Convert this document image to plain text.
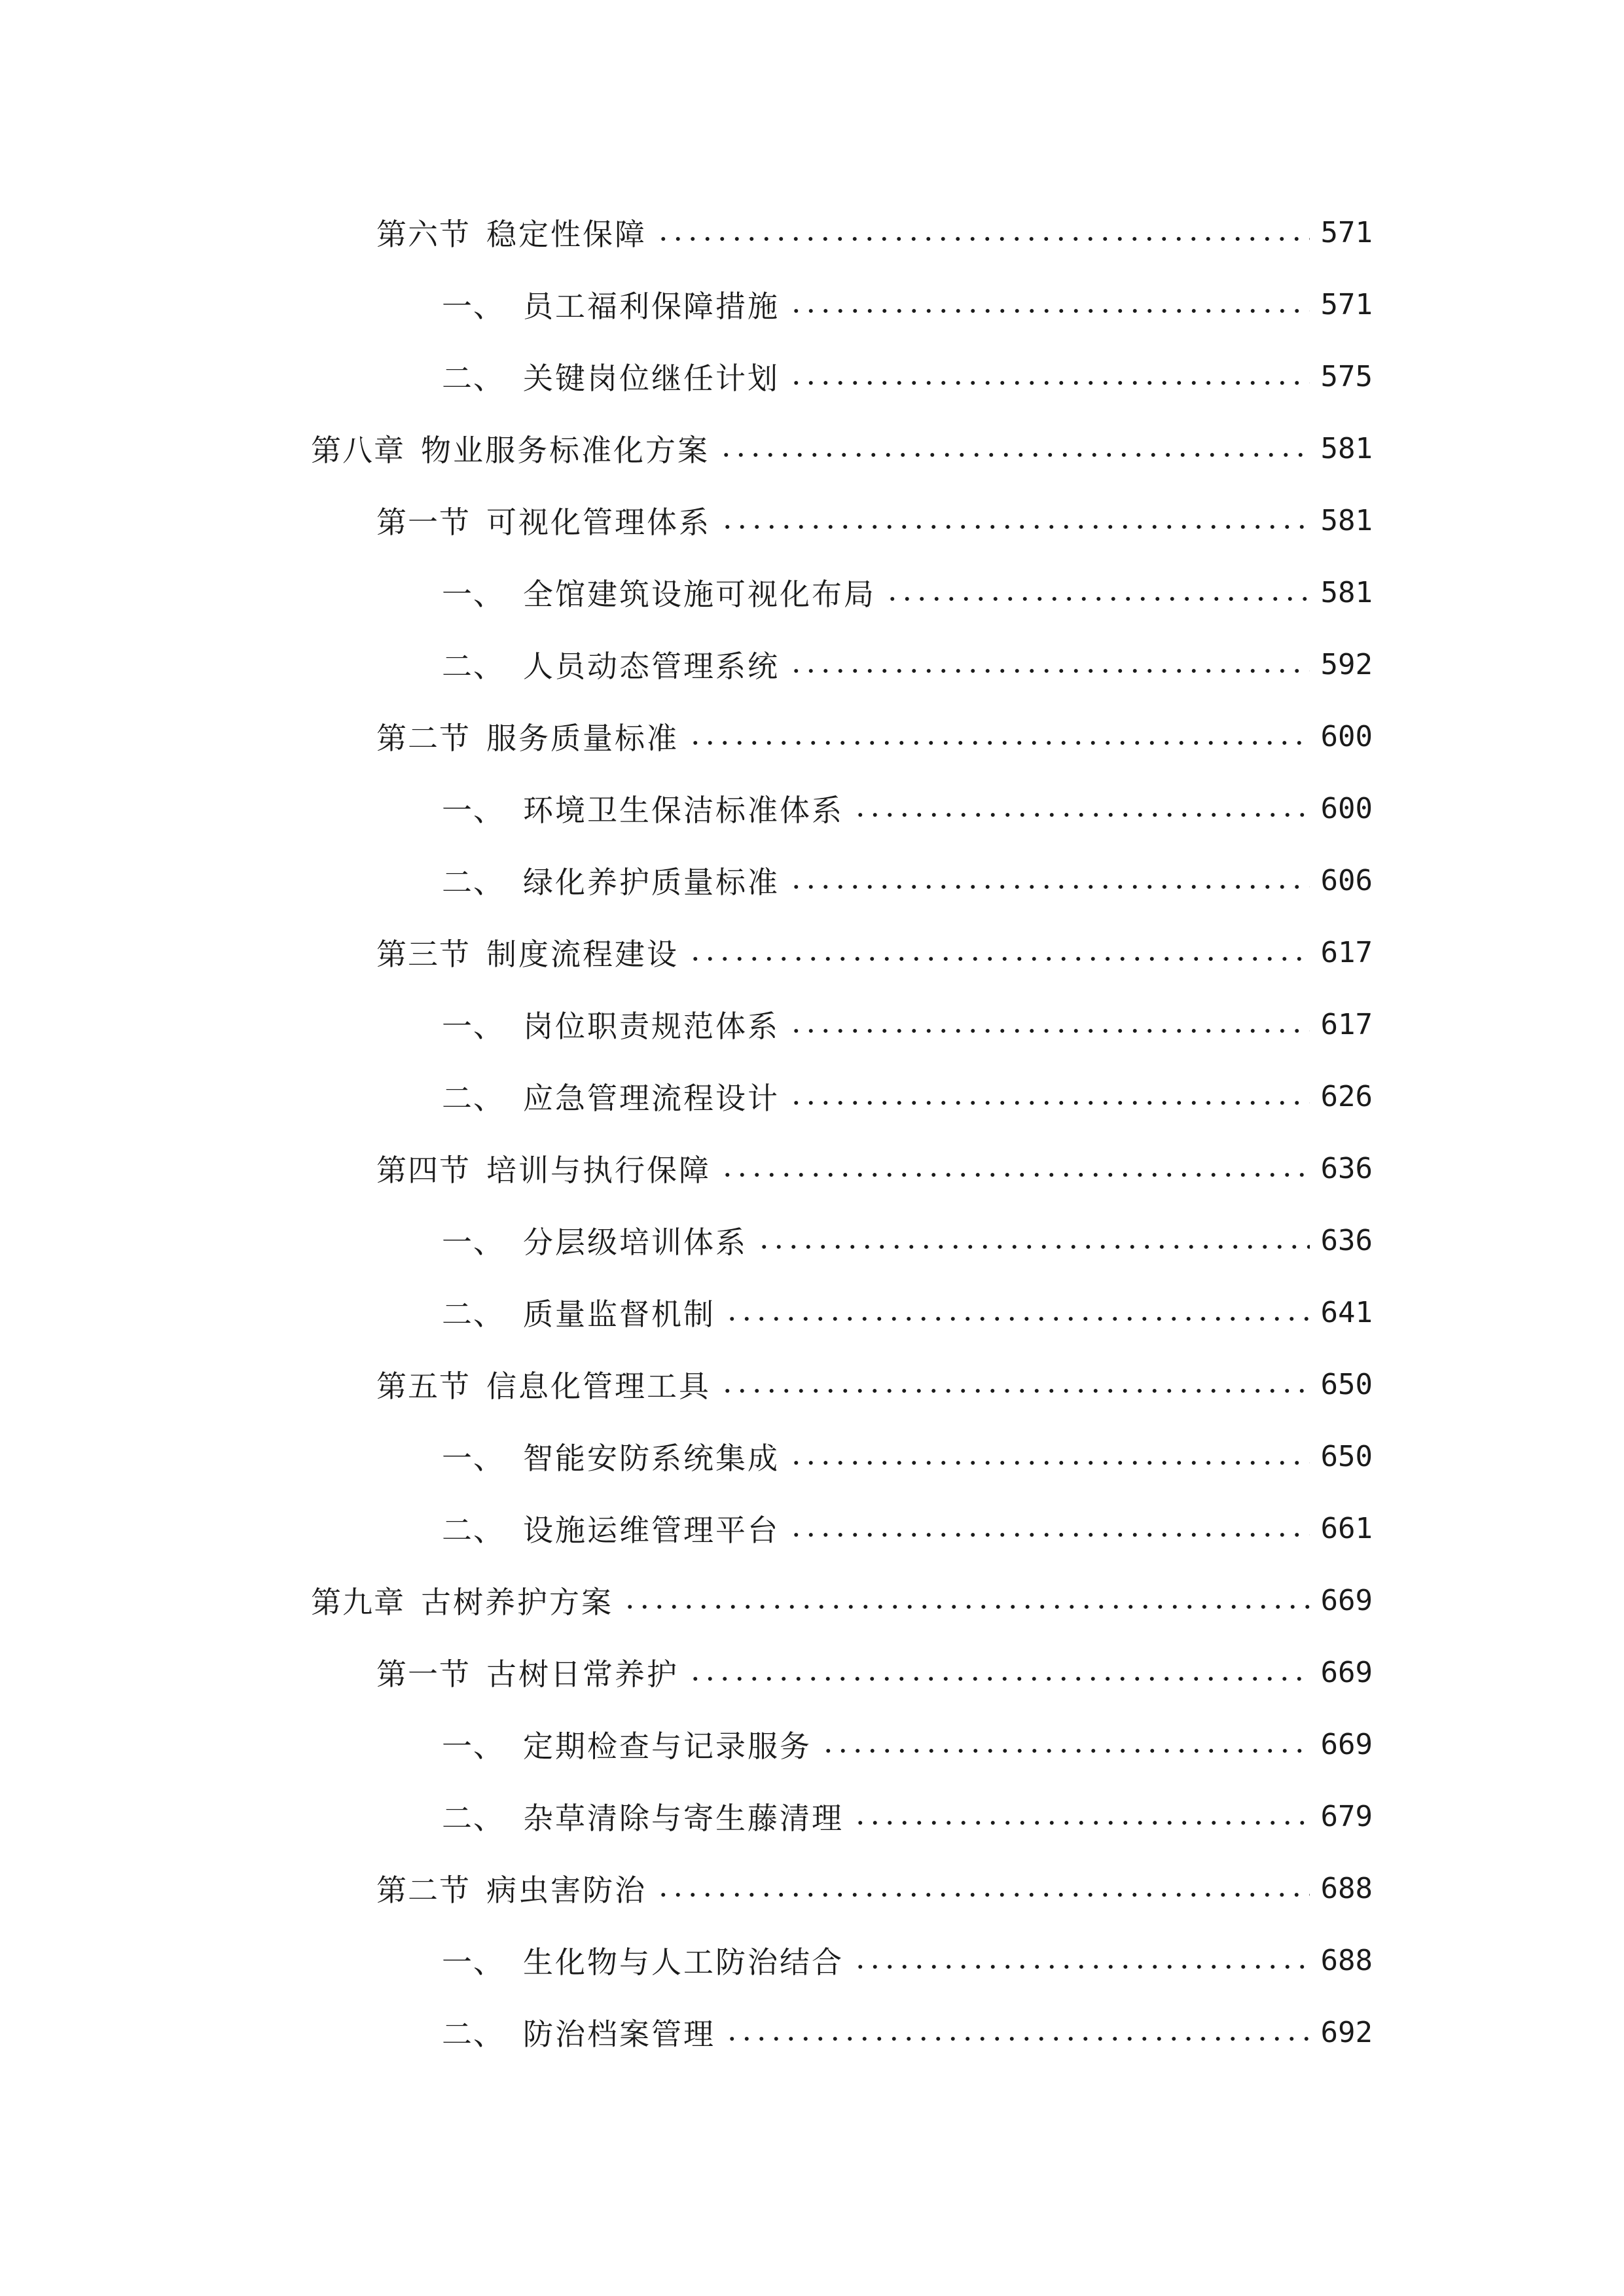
第六节 稳定性保障	571
一、 员工福利保障措施	571
二、 关键岗位继任计划	575
第八章 物业服务标准化方案	581
第一节 可视化管理体系	581
一、 全馆建筑设施可视化布局	581
二、 人员动态管理系统	592
第二节 服务质量标准	600
一、 环境卫生保洁标准体系	600
二、 绿化养护质量标准	606
第三节 制度流程建设	617
一、 岗位职责规范体系	617
二、 应急管理流程设计	626
第四节 培训与执行保障	636
一、 分层级培训体系	636
二、 质量监督机制	641
第五节 信息化管理工具	650
一、 智能安防系统集成	650
二、 设施运维管理平台	661
第九章 古树养护方案	669
第一节 古树日常养护	669
一、 定期检查与记录服务	669
二、 杂草清除与寄生藤清理	679
第二节 病虫害防治	688
一、 生化物与人工防治结合	688
二、 防治档案管理	692
